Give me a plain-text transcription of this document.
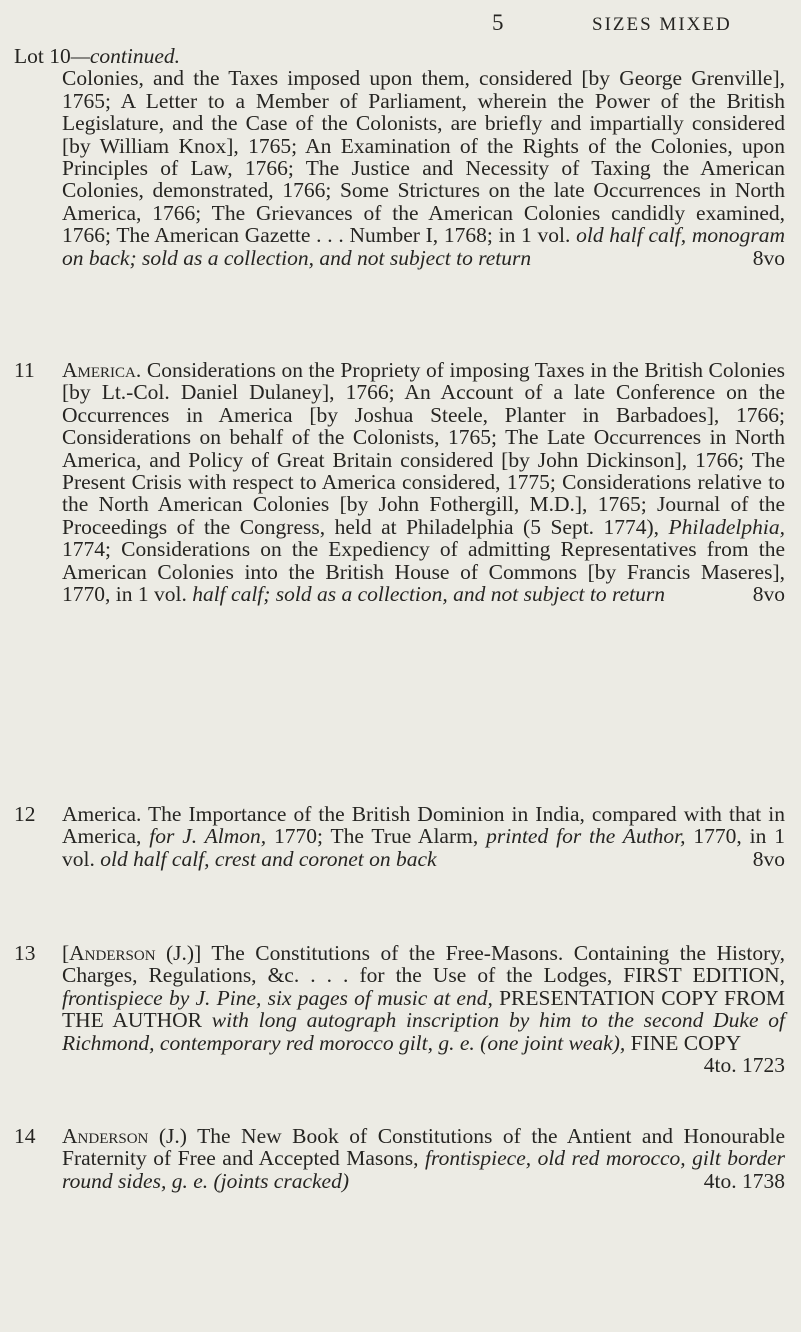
5	SIZES MIXED
Lot 10—continued.
Colonies, and the Taxes imposed upon them, considered [by George Grenville], 1765; A Letter to a Member of Parliament, wherein the Power of the British Legislature, and the Case of the Colonists, are briefly and impartially considered [by William Knox], 1765; An Examination of the Rights of the Colonies, upon Principles of Law, 1766; The Justice and Necessity of Taxing the American Colonies, demonstrated, 1766; Some Strictures on the late Occurrences in North America, 1766; The Grievances of the American Colonies candidly examined, 1766; The American Gazette . . . Number I, 1768; in 1 vol. old half calf, monogram on back; sold as a collection, and not subject to return	8vo
11 America. Considerations on the Propriety of imposing Taxes in the British Colonies [by Lt.-Col. Daniel Dulaney], 1766; An Account of a late Conference on the Occurrences in America [by Joshua Steele, Planter in Barbadoes], 1766; Considerations on behalf of the Colonists, 1765; The Late Occurrences in North America, and Policy of Great Britain considered [by John Dickinson], 1766; The Present Crisis with respect to America considered, 1775; Considerations relative to the North American Colonies [by John Fothergill, M.D.], 1765; Journal of the Proceedings of the Congress, held at Philadelphia (5 Sept. 1774), Philadelphia, 1774; Considerations on the Expediency of admitting Representatives from the American Colonies into the British House of Commons [by Francis Maseres], 1770, in 1 vol. half calf; sold as a collection, and not subject to return	8vo
12 America. The Importance of the British Dominion in India, compared with that in America, for J. Almon, 1770; The True Alarm, printed for the Author, 1770, in 1 vol. old half calf, crest and coronet on back	8vo
13 [Anderson (J.)] The Constitutions of the Free-Masons. Containing the History, Charges, Regulations, &c. . . . for the Use of the Lodges, FIRST EDITION, frontispiece by J. Pine, six pages of music at end, PRESENTATION COPY FROM THE AUTHOR with long autograph inscription by him to the second Duke of Richmond, contemporary red morocco gilt, g. e. (one joint weak), FINE COPY
4to. 1723
14 Anderson (J.) The New Book of Constitutions of the Antient and Honourable Fraternity of Free and Accepted Masons, frontispiece, old red morocco, gilt border round sides, g. e. (joints cracked)	4to. 1738
